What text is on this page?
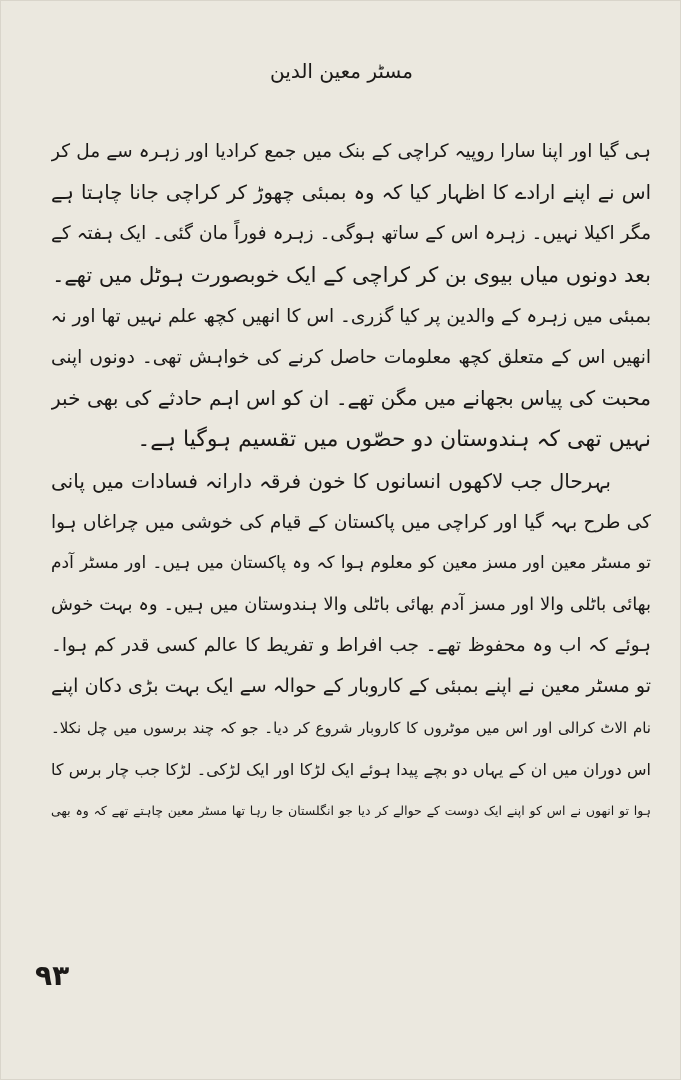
مسٹر معین الدین
ہی گیا اور اپنا سارا روپیہ کراچی کے بنک میں جمع کرادیا اور زہرہ سے مل کر
اس نے اپنے ارادے کا اظہار کیا کہ وہ بمبئی چھوڑ کر کراچی جانا چاہتا ہے
مگر اکیلا نہیں۔ زہرہ اس کے ساتھ ہوگی۔ زہرہ فوراً مان گئی۔ ایک ہفتہ کے
بعد دونوں میاں بیوی بن کر کراچی کے ایک خوبصورت ہوٹل میں تھے۔
بمبئی میں زہرہ کے والدین پر کیا گزری۔ اس کا انھیں کچھ علم نہیں تھا اور نہ
انھیں اس کے متعلق کچھ معلومات حاصل کرنے کی خواہش تھی۔ دونوں اپنی
محبت کی پیاس بجھانے میں مگن تھے۔ ان کو اس اہم حادثے کی بھی خبر
نہیں تھی کہ ہندوستان دو حصّوں میں تقسیم ہوگیا ہے۔
بہرحال جب لاکھوں انسانوں کا خون فرقہ دارانہ فسادات میں پانی
کی طرح بہہ گیا اور کراچی میں پاکستان کے قیام کی خوشی میں چراغاں ہوا
تو مسٹر معین اور مسز معین کو معلوم ہوا کہ وہ پاکستان میں ہیں۔ اور مسٹر آدم
بھائی باٹلی والا اور مسز آدم بھائی باٹلی والا ہندوستان میں ہیں۔ وہ بہت خوش
ہوئے کہ اب وہ محفوظ تھے۔ جب افراط و تفریط کا عالم کسی قدر کم ہوا۔
تو مسٹر معین نے اپنے بمبئی کے کاروبار کے حوالہ سے ایک بہت بڑی دکان اپنے
نام الاٹ کرالی اور اس میں موٹروں کا کاروبار شروع کر دیا۔ جو کہ چند برسوں میں چل نکلا۔
اس دوران میں ان کے یہاں دو بچے پیدا ہوئے ایک لڑکا اور ایک لڑکی۔ لڑکا جب چار برس کا
ہوا تو انھوں نے اس کو اپنے ایک دوست کے حوالے کر دیا جو انگلستان جا رہا تھا مسٹر معین چاہتے تھے کہ وہ بھی
۹۳
